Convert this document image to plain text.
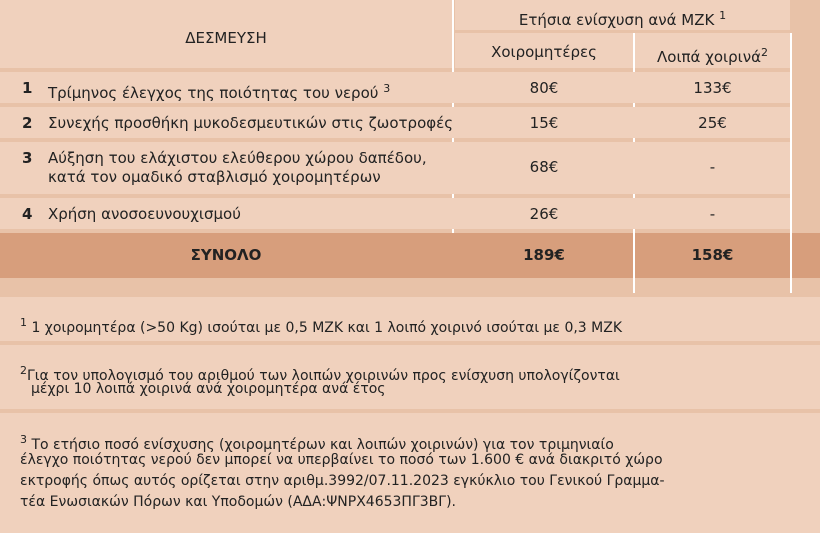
ΔΕΣΜΕΥΣΗ
Ετήσια ενίσχυση ανά ΜΖΚ $^1$
Χοιρομητέρες	Λοιπά χοιρινά$^2$
1 Τρίμηνος έλεγχος της ποιότητας του νερού $^3$	80€	133€
2 Συνεχής προσθήκη μυκοδεσμευτικών στις ζωοτροφές	15€	25€
3 Αύξηση του ελάχιστου ελεύθερου χώρου δαπέδου,
κατά τον ομαδικό σταβλισμό χοιρομητέρων
68€	-
4 Χρήση ανοσοευνουχισμού	26€	-
ΣΥΝΟΛΟ	189€	158€
$^1$ 1 χοιρομητέρα (>50 Kg) ισούται με 0,5 ΜΖΚ και 1 λοιπό χοιρινό ισούται με 0,3 ΜΖΚ
$^2$Για τον υπολογισμό του αριθμού των λοιπών χοιρινών προς ενίσχυση υπολογίζονται
μέχρι 10 λοιπά χοιρινά ανά χοιρομητέρα ανά έτος
$^3$ Το ετήσιο ποσό ενίσχυσης (χοιρομητέρων και λοιπών χοιρινών) για τον τριμηνιαίο
έλεγχο ποιότητας νερού δεν μπορεί να υπερβαίνει το ποσό των 1.600 € ανά διακριτό χώρο
εκτροφής όπως αυτός ορίζεται στην αριθμ.3992/07.11.2023 εγκύκλιο του Γενικού Γραμμα-
τέα Ενωσιακών Πόρων και Υποδομών (ΑΔΑ:ΨΝΡΧ4653ΠΓ3ΒΓ).
